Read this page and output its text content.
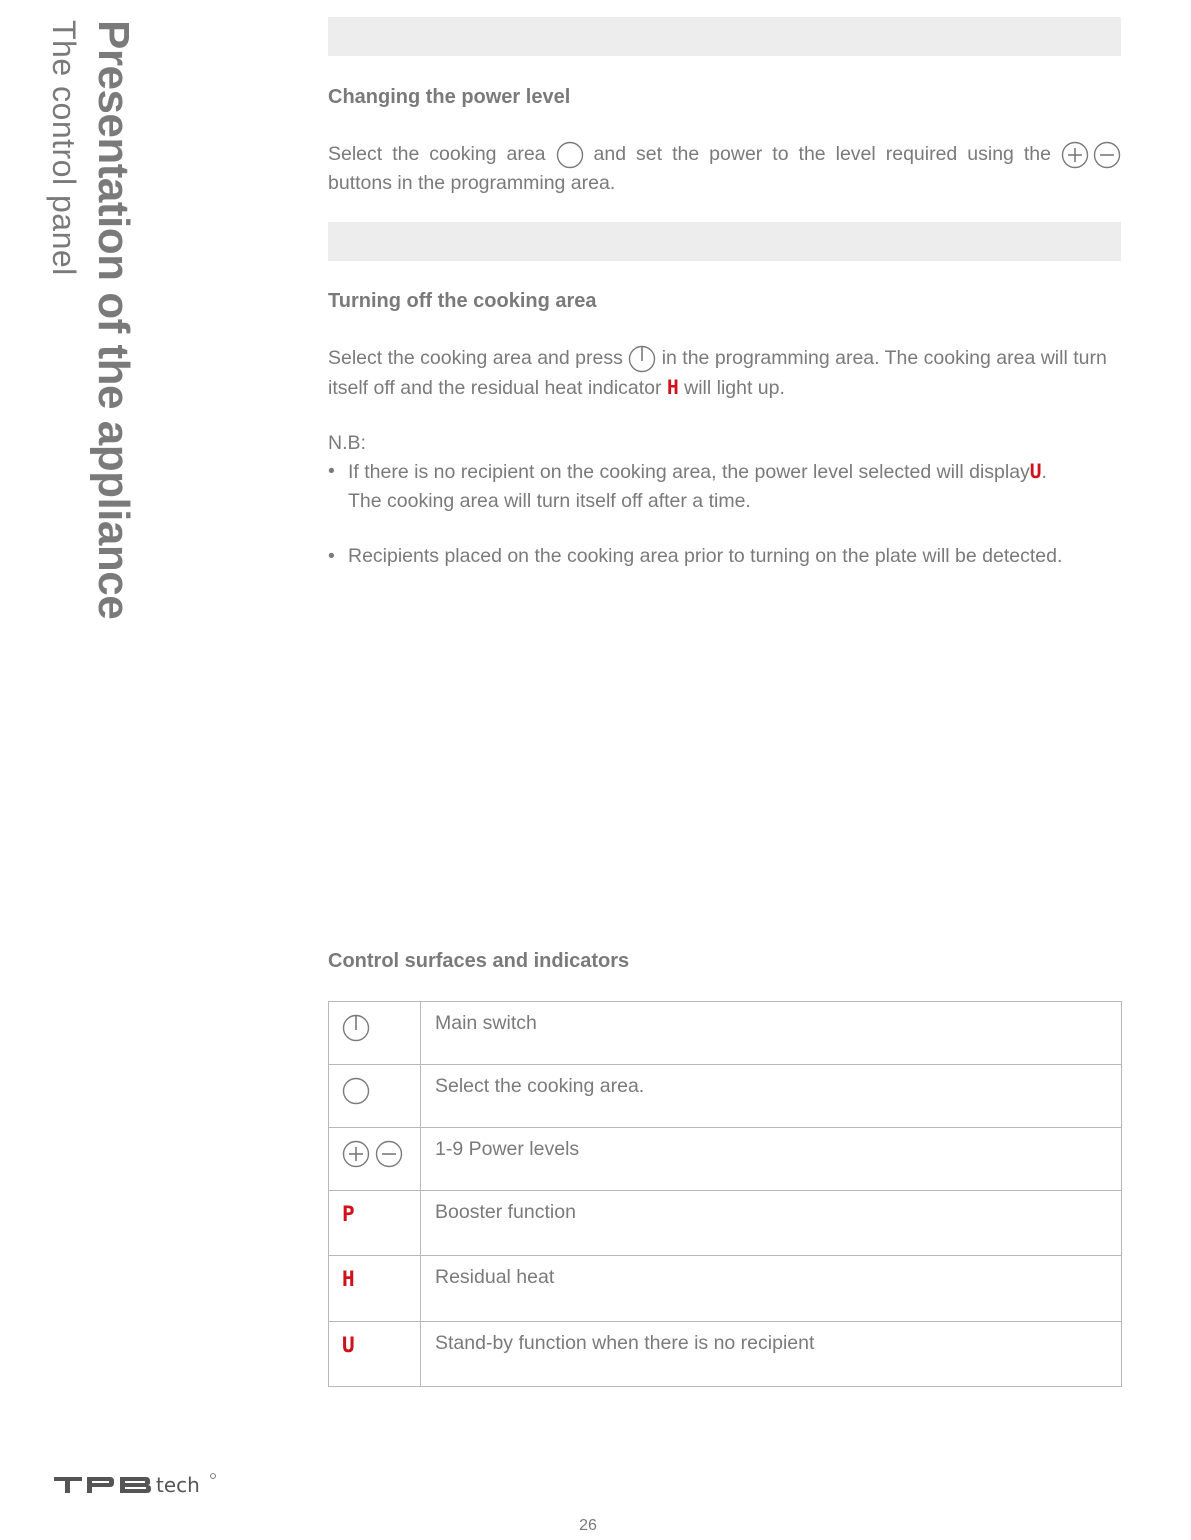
Presentation of the appliance
The control panel	Changing the power level
Select the cooking area and set the power to the level required using the
buttons in the programming area.
Turning off the cooking area
Select the cooking area and press in the programming area. The cooking area will turn itself off and the residual heat indicator H will light up.
N.B:
• If there is no recipient on the cooking area, the power level selected will displayU.
The cooking area will turn itself off after a time.
• Recipients placed on the cooking area prior to turning on the plate will be detected.
Control surfaces and indicators
	Main switch

	Select the cooking area.

	1-9 Power levels
P	Booster function
H	Residual heat
U	Stand-by function when there is no recipient
tech
26
